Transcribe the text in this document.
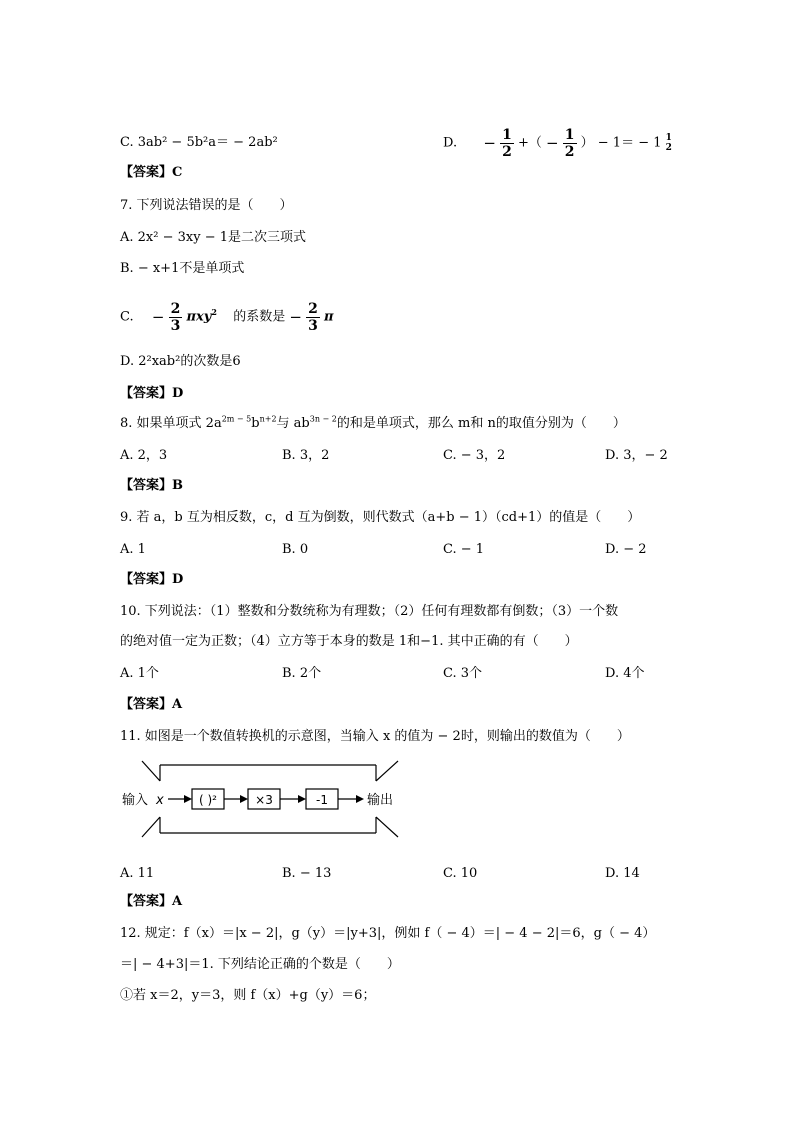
C. 3ab² − 5b²a＝ − 2ab²	D. − $\frac{1}{2}$ +（ − $\frac{1}{2}$ ） − 1＝ − 1 1
2
【答案】C
7. 下列说法错误的是（　　）
A. 2x² − 3xy − 1是二次三项式
B. − x+1不是单项式
C. − $\frac{2}{3} \pi xy^2$ 的系数是 − $\frac{2}{3}$ π
D. 2²xab²的次数是6
【答案】D
8. 如果单项式 $2a^{2m - 5}b^{n+2}$与 $ab^{3n - 2}$的和是单项式，那么 m和 n的取值分别为（　　）
A. 2，3	B. 3，2	C. − 3，2	D. 3，− 2
【答案】B
9. 若 a，b 互为相反数，c，d 互为倒数，则代数式（a+b − 1）（cd+1）的值是（　　）
A. 1	B. 0	C. − 1	D. − 2
【答案】D
10. 下列说法：（1）整数和分数统称为有理数；（2）任何有理数都有倒数；（3）一个数
的绝对值一定为正数；（4）立方等于本身的数是 1和−1. 其中正确的有（　　）
A. 1个	B. 2个	C. 3个	D. 4个
【答案】A
11. 如图是一个数值转换机的示意图，当输入 x 的值为 − 2时，则输出的数值为（　　）
输入 x	( )²	×3	-1	输出
A. 11	B. − 13	C. 10	D. 14
【答案】A
12. 规定：f（x）＝|x − 2|，g（y）＝|y+3|，例如 f（ − 4）＝| − 4 − 2|＝6，g（ − 4）
＝| − 4+3|＝1. 下列结论正确的个数是（　　）
①若 x＝2，y＝3，则 f（x）+g（y）＝6；
